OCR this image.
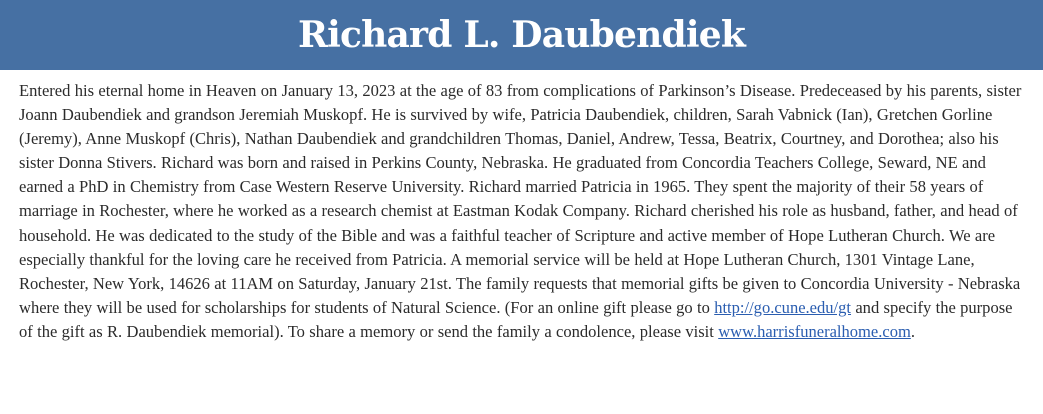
Richard L. Daubendiek

Entered his eternal home in Heaven on January 13, 2023 at the age of 83 from complications of Parkinson’s Disease. Predeceased by his parents, sister Joann Daubendiek and grandson Jeremiah Muskopf. He is survived by wife, Patricia Daubendiek, children, Sarah Vabnick (Ian), Gretchen Gorline (Jeremy), Anne Muskopf (Chris), Nathan Daubendiek and grandchildren Thomas, Daniel, Andrew, Tessa, Beatrix, Courtney, and Dorothea; also his sister Donna Stivers. Richard was born and raised in Perkins County, Nebraska. He graduated from Concordia Teachers College, Seward, NE and earned a PhD in Chemistry from Case Western Reserve University. Richard married Patricia in 1965. They spent the majority of their 58 years of marriage in Rochester, where he worked as a research chemist at Eastman Kodak Company. Richard cherished his role as husband, father, and head of household. He was dedicated to the study of the Bible and was a faithful teacher of Scripture and active member of Hope Lutheran Church. We are especially thankful for the loving care he received from Patricia. A memorial service will be held at Hope Lutheran Church, 1301 Vintage Lane, Rochester, New York, 14626 at 11AM on Saturday, January 21st. The family requests that memorial gifts be given to Concordia University - Nebraska where they will be used for scholarships for students of Natural Science. (For an online gift please go to http://go.cune.edu/gt and specify the purpose of the gift as R. Daubendiek memorial). To share a memory or send the family a condolence, please visit www.harrisfuneralhome.com.
